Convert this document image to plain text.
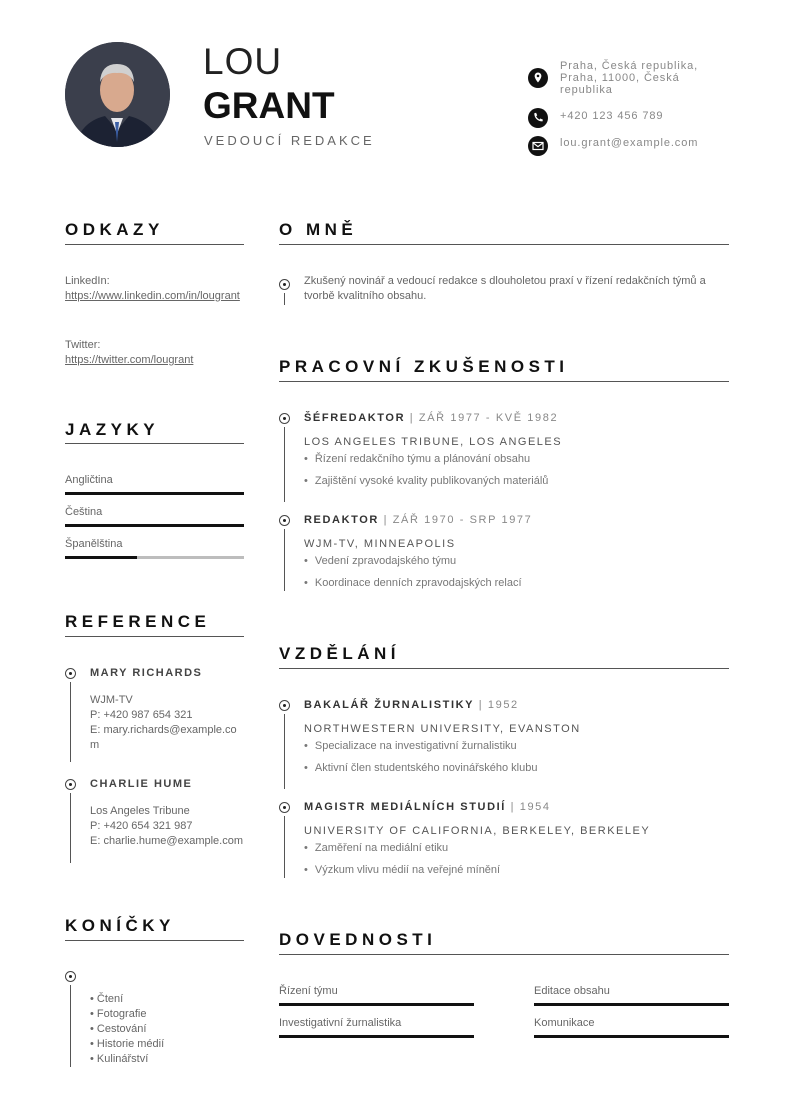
LOU
GRANT
VEDOUCÍ REDAKCE
Praha, Česká republika, Praha, 11000, Česká republika
+420 123 456 789
lou.grant@example.com
ODKAZY
LinkedIn:
https://www.linkedin.com/in/lougrant
Twitter:
https://twitter.com/lougrant
JAZYKY
Angličtina
Čeština
Španělština
REFERENCE
MARY RICHARDS
WJM-TV
P: +420 987 654 321
E: mary.richards@example.com
CHARLIE HUME
Los Angeles Tribune
P: +420 654 321 987
E: charlie.hume@example.com
KONÍČKY
• Čtení
• Fotografie
• Cestování
• Historie médií
• Kulinářství
O MNĚ
Zkušený novinář a vedoucí redakce s dlouholetou praxí v řízení redakčních týmů a tvorbě kvalitního obsahu.
PRACOVNÍ ZKUŠENOSTI
ŠÉFREDAKTOR | ZÁŘ 1977 - KVĚ 1982
LOS ANGELES TRIBUNE, LOS ANGELES
• Řízení redakčního týmu a plánování obsahu
• Zajištění vysoké kvality publikovaných materiálů
REDAKTOR | ZÁŘ 1970 - SRP 1977
WJM-TV, MINNEAPOLIS
• Vedení zpravodajského týmu
• Koordinace denních zpravodajských relací
VZDĚLÁNÍ
BAKALÁŘ ŽURNALISTIKY | 1952
NORTHWESTERN UNIVERSITY, EVANSTON
• Specializace na investigativní žurnalistiku
• Aktivní člen studentského novinářského klubu
MAGISTR MEDIÁLNÍCH STUDIÍ | 1954
UNIVERSITY OF CALIFORNIA, BERKELEY, BERKELEY
• Zaměření na mediální etiku
• Výzkum vlivu médií na veřejné mínění
DOVEDNOSTI
Řízení týmu	Editace obsahu
Investigativní žurnalistika	Komunikace
